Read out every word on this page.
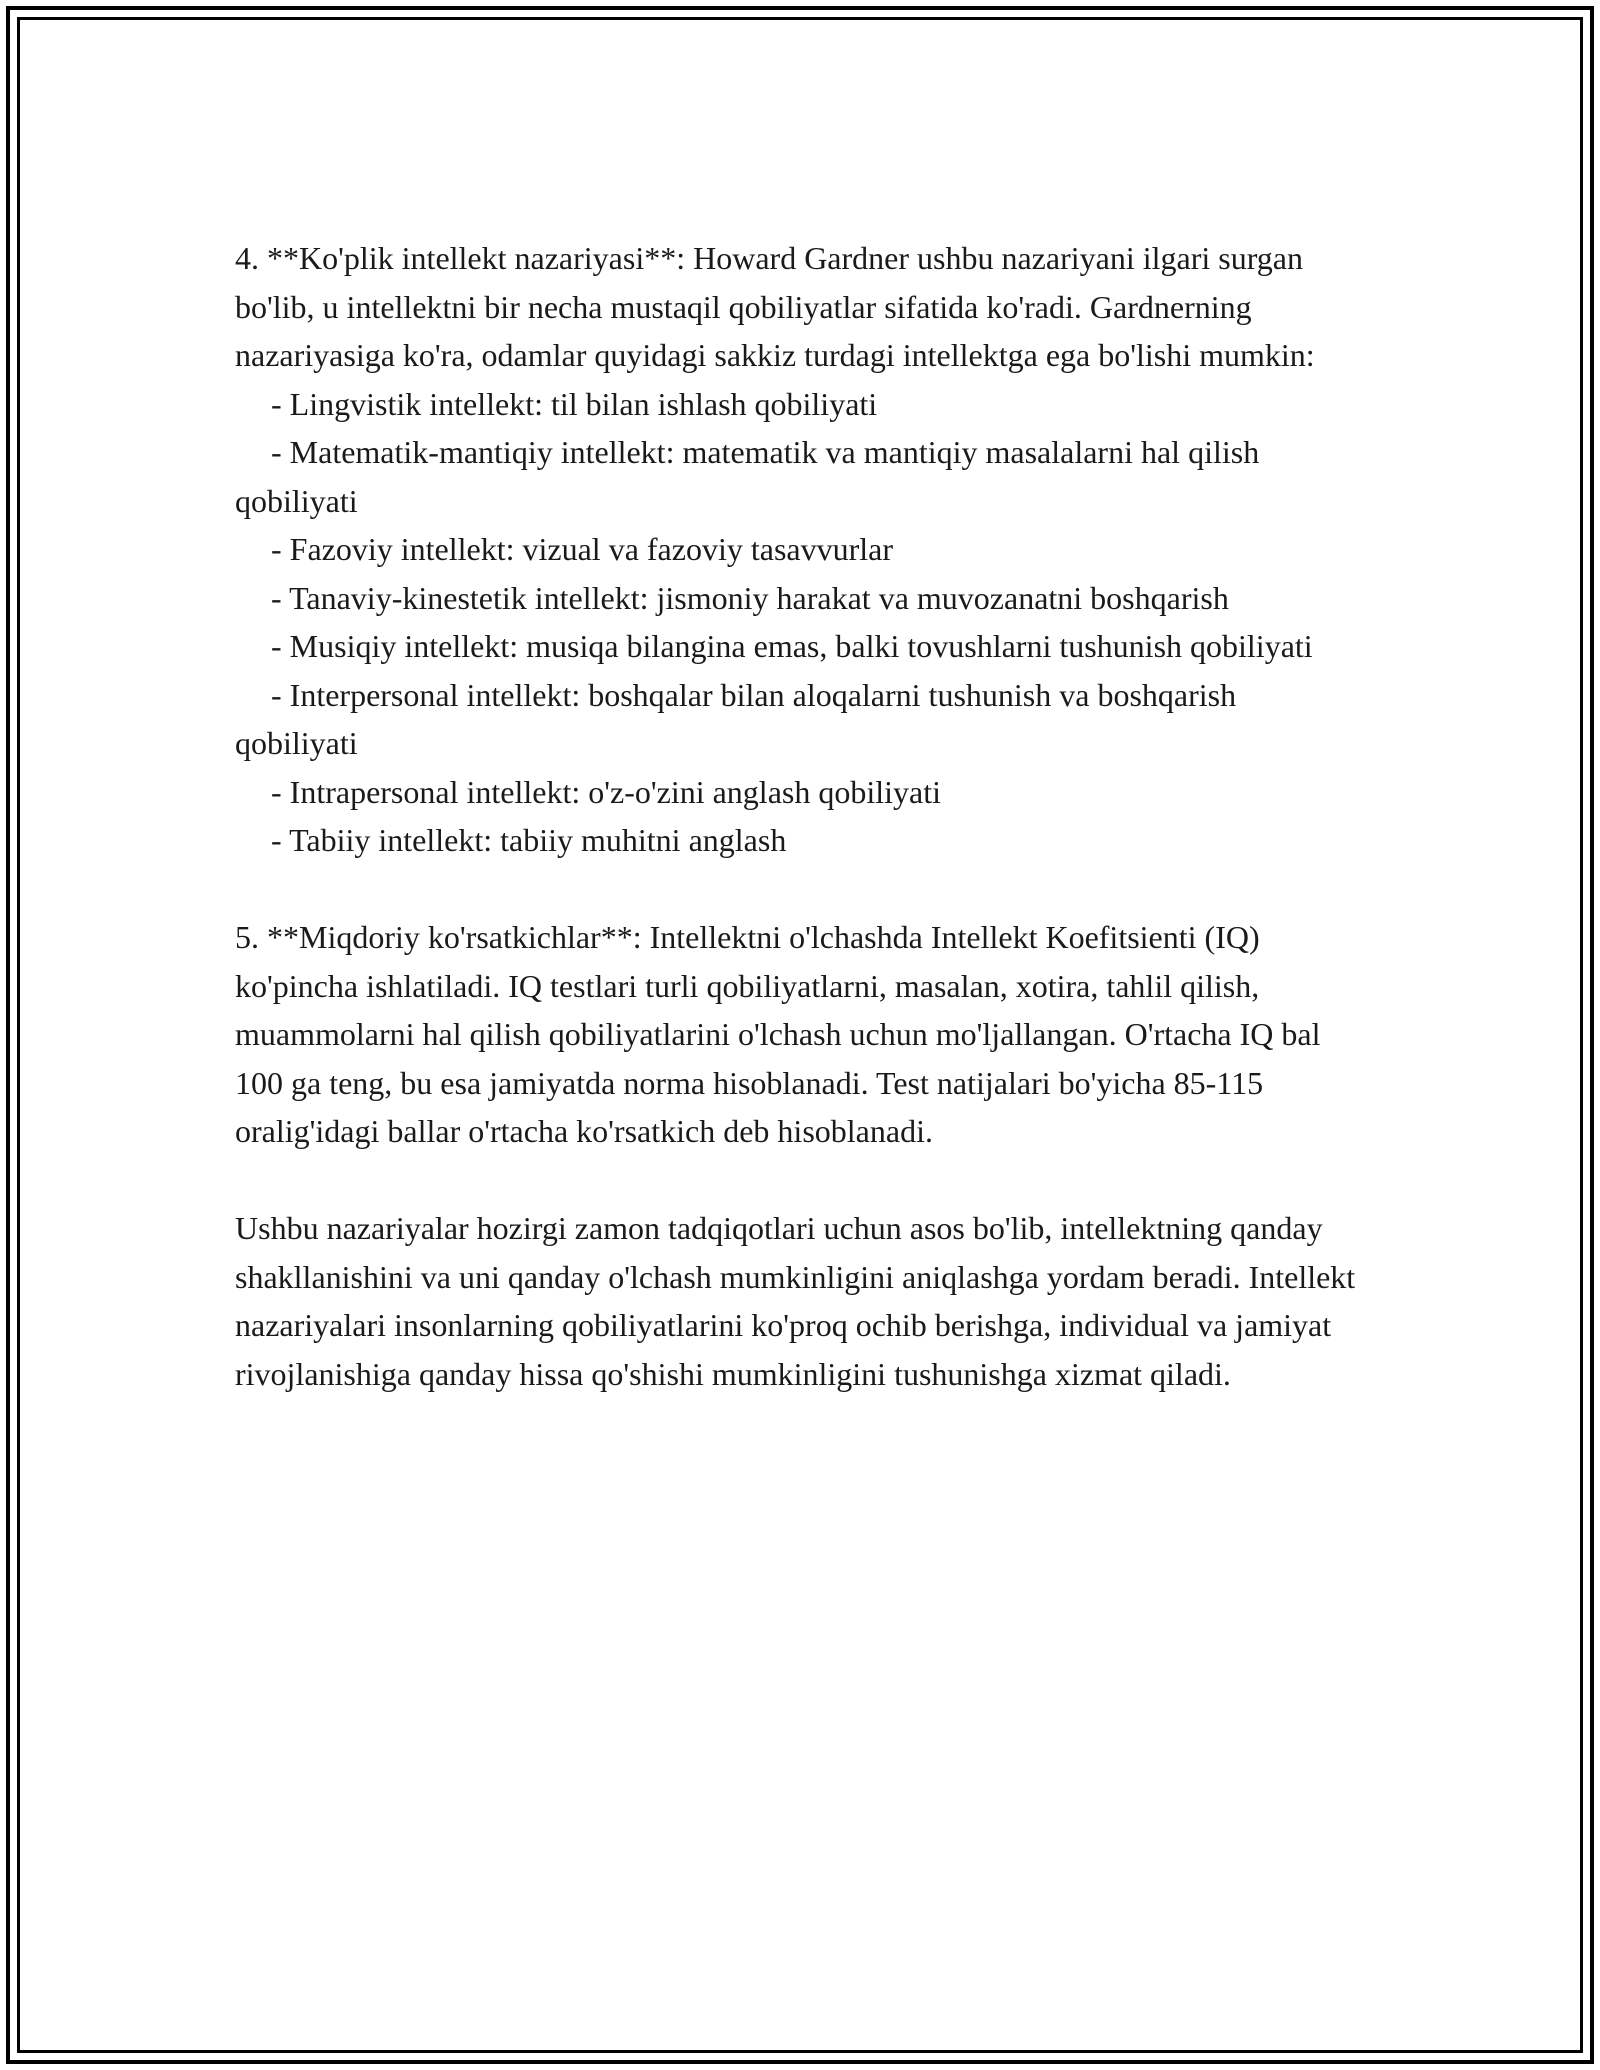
4. **Ko'plik intellekt nazariyasi**: Howard Gardner ushbu nazariyani ilgari surgan bo'lib, u intellektni bir necha mustaqil qobiliyatlar sifatida ko'radi. Gardnerning nazariyasiga ko'ra, odamlar quyidagi sakkiz turdagi intellektga ega bo'lishi mumkin:

- Lingvistik intellekt: til bilan ishlash qobiliyati
- Matematik-mantiqiy intellekt: matematik va mantiqiy masalalarni hal qilish qobiliyati
- Fazoviy intellekt: vizual va fazoviy tasavvurlar
- Tanaviy-kinestetik intellekt: jismoniy harakat va muvozanatni boshqarish
- Musiqiy intellekt: musiqa bilangina emas, balki tovushlarni tushunish qobiliyati
- Interpersonal intellekt: boshqalar bilan aloqalarni tushunish va boshqarish qobiliyati
- Intrapersonal intellekt: o'z-o'zini anglash qobiliyati
- Tabiiy intellekt: tabiiy muhitni anglash

5. **Miqdoriy ko'rsatkichlar**: Intellektni o'lchashda Intellekt Koefitsienti (IQ) ko'pincha ishlatiladi. IQ testlari turli qobiliyatlarni, masalan, xotira, tahlil qilish, muammolarni hal qilish qobiliyatlarini o'lchash uchun mo'ljallangan. O'rtacha IQ bal 100 ga teng, bu esa jamiyatda norma hisoblanadi. Test natijalari bo'yicha 85-115 oralig'idagi ballar o'rtacha ko'rsatkich deb hisoblanadi.

Ushbu nazariyalar hozirgi zamon tadqiqotlari uchun asos bo'lib, intellektning qanday shakllanishini va uni qanday o'lchash mumkinligini aniqlashga yordam beradi. Intellekt nazariyalari insonlarning qobiliyatlarini ko'proq ochib berishga, individual va jamiyat rivojlanishiga qanday hissa qo'shishi mumkinligini tushunishga xizmat qiladi.
